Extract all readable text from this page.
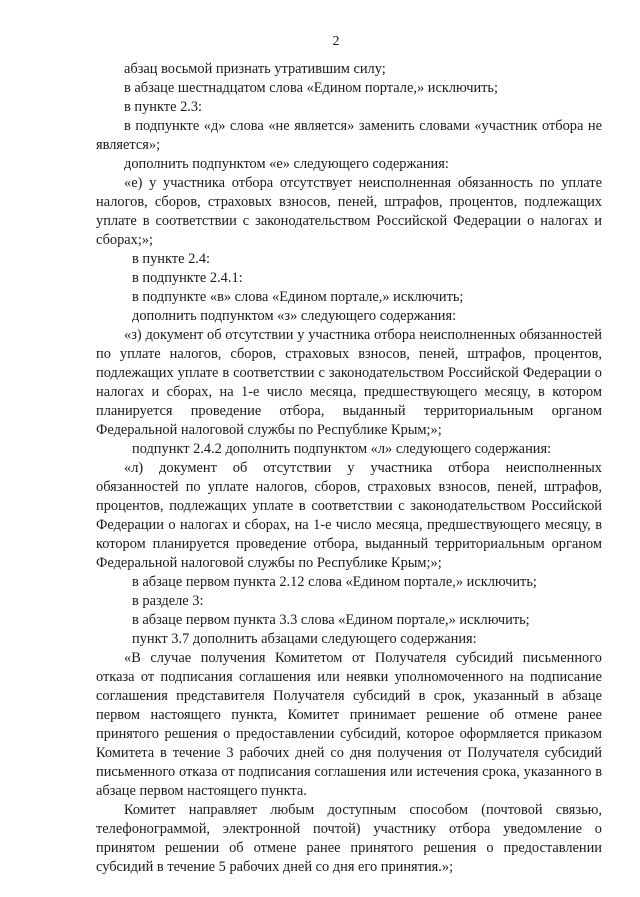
2

абзац восьмой признать утратившим силу;

в абзаце шестнадцатом слова «Едином портале,» исключить;

в пункте 2.3:

в подпункте «д» слова «не является» заменить словами «участник отбора не является»;

дополнить подпунктом «е» следующего содержания:

«е) у участника отбора отсутствует неисполненная обязанность по уплате налогов, сборов, страховых взносов, пеней, штрафов, процентов, подлежащих уплате в соответствии с законодательством Российской Федерации о налогах и сборах;»;

в пункте 2.4:

в подпункте 2.4.1:

в подпункте «в» слова «Едином портале,» исключить;

дополнить подпунктом «з» следующего содержания:

«з) документ об отсутствии у участника отбора неисполненных обязанностей по уплате налогов, сборов, страховых взносов, пеней, штрафов, процентов, подлежащих уплате в соответствии с законодательством Российской Федерации о налогах и сборах, на 1-е число месяца, предшествующего месяцу, в котором планируется проведение отбора, выданный территориальным органом Федеральной налоговой службы по Республике Крым;»;

подпункт 2.4.2 дополнить подпунктом «л» следующего содержания:

«л) документ об отсутствии у участника отбора неисполненных обязанностей по уплате налогов, сборов, страховых взносов, пеней, штрафов, процентов, подлежащих уплате в соответствии с законодательством Российской Федерации о налогах и сборах, на 1-е число месяца, предшествующего месяцу, в котором планируется проведение отбора, выданный территориальным органом Федеральной налоговой службы по Республике Крым;»;

в абзаце первом пункта 2.12 слова «Едином портале,» исключить;

в разделе 3:

в абзаце первом пункта 3.3 слова «Едином портале,» исключить;

пункт 3.7 дополнить абзацами следующего содержания:

«В случае получения Комитетом от Получателя субсидий письменного отказа от подписания соглашения или неявки уполномоченного на подписание соглашения представителя Получателя субсидий в срок, указанный в абзаце первом настоящего пункта, Комитет принимает решение об отмене ранее принятого решения о предоставлении субсидий, которое оформляется приказом Комитета в течение 3 рабочих дней со дня получения от Получателя субсидий письменного отказа от подписания соглашения или истечения срока, указанного в абзаце первом настоящего пункта.

Комитет направляет любым доступным способом (почтовой связью, телефонограммой, электронной почтой) участнику отбора уведомление о принятом решении об отмене ранее принятого решения о предоставлении субсидий в течение 5 рабочих дней со дня его принятия.»;
